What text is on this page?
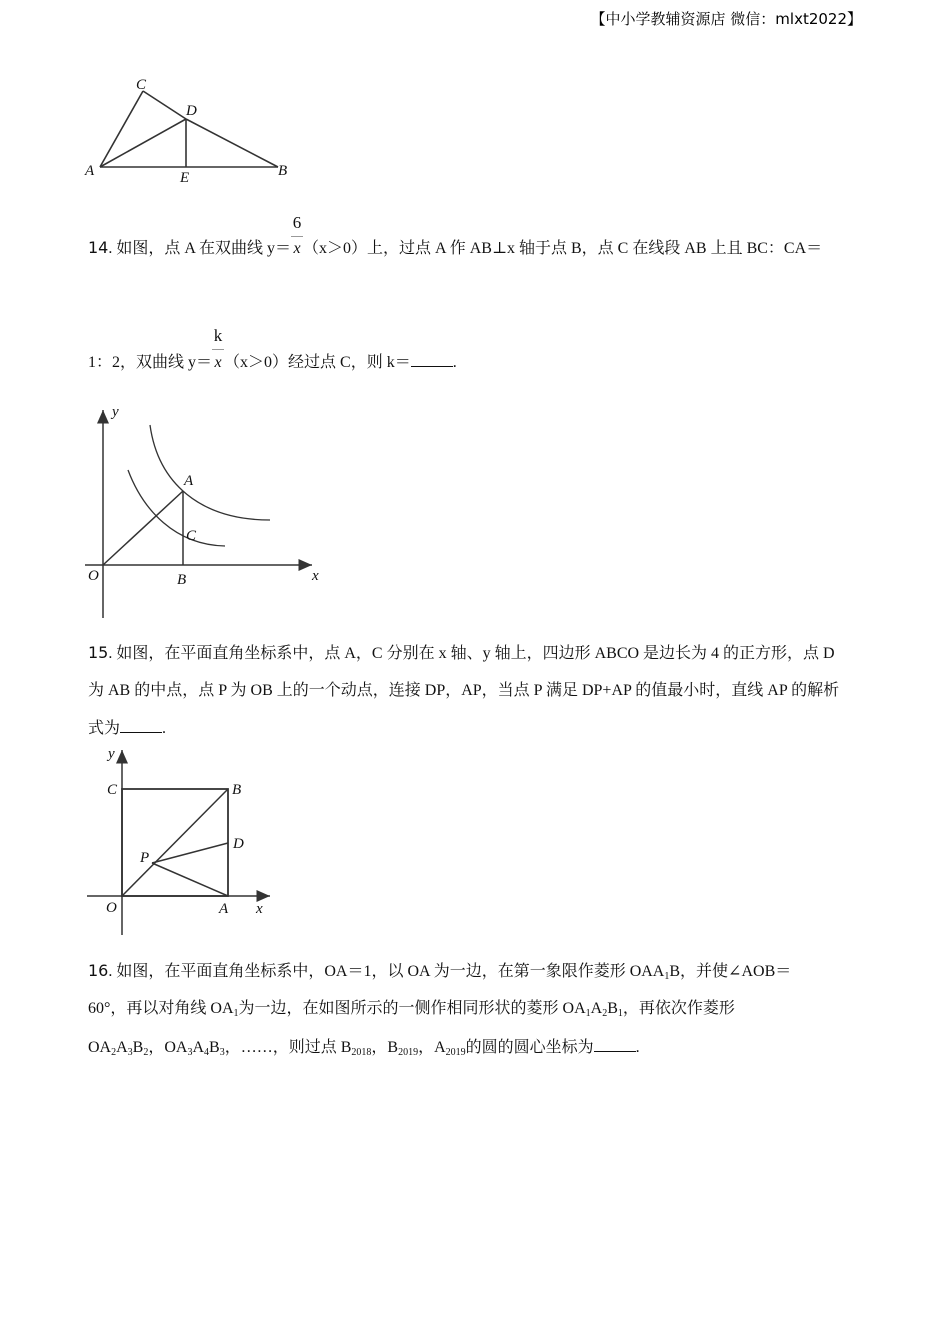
【中小学教辅资源店 微信：mlxt2022】
C
D
A	E	B
14. 如图，点 A 在双曲线 $y= \frac{6}{x} (x>0)$上，过点 A 作 AB⊥x 轴于点 B，点 C 在线段 AB 上且 BC：CA＝
1：2，双曲线 $y= \frac{k}{x} (x>0)$经过点 C，则 k＝	.
y
x
O
A
C
B
15. 如图，在平面直角坐标系中，点 A，C 分别在 x 轴、y 轴上，四边形 ABCO 是边长为 4 的正方形，点 D
为 AB 的中点，点 P 为 OB 上的一个动点，连接 DP，AP，当点 P 满足 DP+AP 的值最小时，直线 AP 的解析
式为	.
y
x
C	B
D
P
O	A
16. 如图，在平面直角坐标系中，OA＝1，以 OA 为一边，在第一象限作菱形 $OAA_1B$，并使∠AOB＝
60°，再以对角线 $OA_1$为一边，在如图所示的一侧作相同形状的菱形 $OA_1A_2B_1$，再依次作菱形
$OA_2A_3B_2$，$OA_3A_4B_3$，……，则过点 $B_{2018}$，$B_{2019}$，$A_{2019}$的圆的圆心坐标为	.
